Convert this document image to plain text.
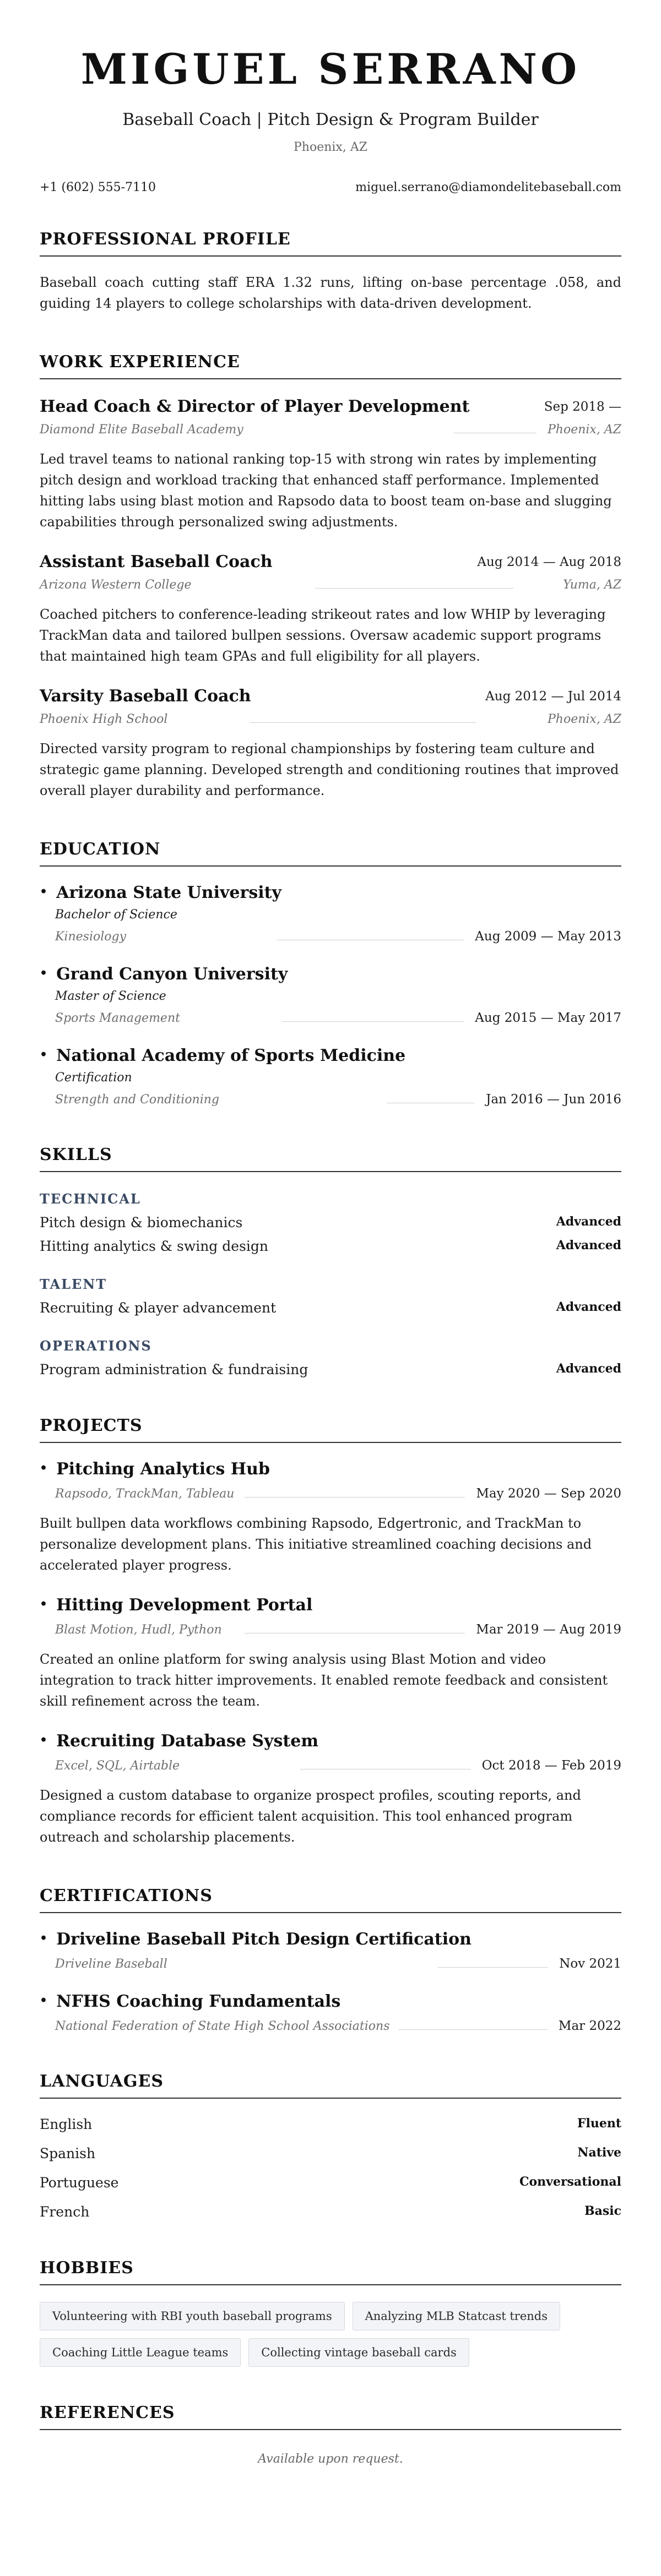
MIGUEL SERRANO
Baseball Coach | Pitch Design & Program Builder
Phoenix, AZ
+1 (602) 555-7110	miguel.serrano@diamondelitebaseball.com
PROFESSIONAL PROFILE

Baseball coach cutting staff ERA 1.32 runs, lifting on-base percentage .058, and guiding 14 players to college scholarships with data-driven development.

WORK EXPERIENCE
Head Coach & Director of Player Development	Sep 2018 —
Diamond Elite Baseball Academy	Phoenix, AZ

Led travel teams to national ranking top-15 with strong win rates by implementing pitch design and workload tracking that enhanced staff performance. Implemented hitting labs using blast motion and Rapsodo data to boost team on-base and slugging capabilities through personalized swing adjustments.

Assistant Baseball Coach	Aug 2014 — Aug 2018
Arizona Western College	Yuma, AZ

Coached pitchers to conference-leading strikeout rates and low WHIP by leveraging TrackMan data and tailored bullpen sessions. Oversaw academic support programs that maintained high team GPAs and full eligibility for all players.

Varsity Baseball Coach	Aug 2012 — Jul 2014
Phoenix High School	Phoenix, AZ

Directed varsity program to regional championships by fostering team culture and strategic game planning. Developed strength and conditioning routines that improved overall player durability and performance.

EDUCATION
• Arizona State University
Bachelor of Science
Kinesiology	Aug 2009 — May 2013
• Grand Canyon University
Master of Science
Sports Management	Aug 2015 — May 2017
• National Academy of Sports Medicine
Certification
Strength and Conditioning	Jan 2016 — Jun 2016
SKILLS
TECHNICAL
Pitch design & biomechanics	Advanced
Hitting analytics & swing design	Advanced
TALENT
Recruiting & player advancement	Advanced
OPERATIONS
Program administration & fundraising	Advanced
PROJECTS
• Pitching Analytics Hub
Rapsodo, TrackMan, Tableau	May 2020 — Sep 2020

Built bullpen data workflows combining Rapsodo, Edgertronic, and TrackMan to personalize development plans. This initiative streamlined coaching decisions and accelerated player progress.

• Hitting Development Portal
Blast Motion, Hudl, Python	Mar 2019 — Aug 2019

Created an online platform for swing analysis using Blast Motion and video integration to track hitter improvements. It enabled remote feedback and consistent skill refinement across the team.

• Recruiting Database System
Excel, SQL, Airtable	Oct 2018 — Feb 2019

Designed a custom database to organize prospect profiles, scouting reports, and compliance records for efficient talent acquisition. This tool enhanced program outreach and scholarship placements.

CERTIFICATIONS
• Driveline Baseball Pitch Design Certification
Driveline Baseball	Nov 2021
• NFHS Coaching Fundamentals
National Federation of State High School Associations	Mar 2022
LANGUAGES
English	Fluent
Spanish	Native
Portuguese	Conversational
French	Basic
HOBBIES
Volunteering with RBI youth baseball programs	Analyzing MLB Statcast trends
Coaching Little League teams	Collecting vintage baseball cards
REFERENCES
Available upon request.
